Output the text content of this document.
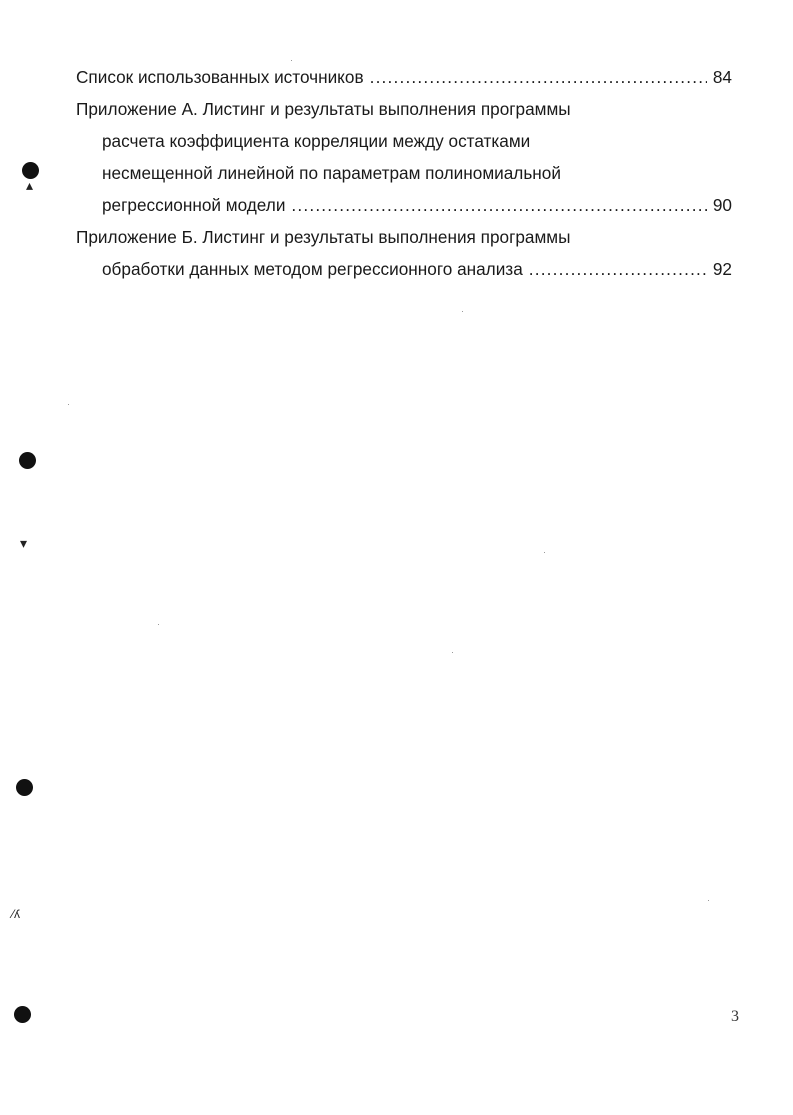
▴
▾
⁄ʎ
Список использованных источников .....	84
Приложение А. Листинг и результаты выполнения программы
расчета коэффициента корреляции между остатками
несмещенной линейной по параметрам полиномиальной
регрессионной модели .....	90
Приложение Б. Листинг и результаты выполнения программы
обработки данных методом регрессионного анализа .....	92
3
